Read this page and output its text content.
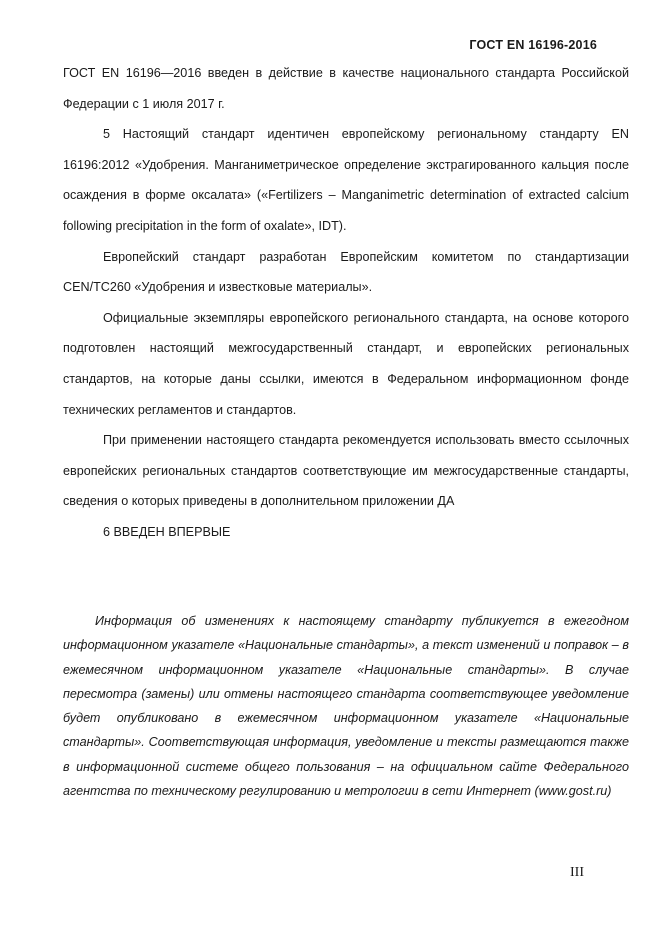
ГОСТ EN 16196-2016

ГОСТ EN 16196—2016 введен в действие в качестве национального стандарта Российской Федерации с 1 июля 2017 г.

5 Настоящий стандарт идентичен европейскому региональному стандарту EN 16196:2012 «Удобрения. Манганиметрическое определение экстрагированного кальция после осаждения в форме оксалата» («Fertilizers – Manganimetric determination of extracted calcium following precipitation in the form of oxalate», IDT).

Европейский стандарт разработан Европейским комитетом по стандартизации CEN/TC260 «Удобрения и известковые материалы».

Официальные экземпляры европейского регионального стандарта, на основе которого подготовлен настоящий межгосударственный стандарт, и европейских региональных стандартов, на которые даны ссылки, имеются в Федеральном информационном фонде технических регламентов и стандартов.

При применении настоящего стандарта рекомендуется использовать вместо ссылочных европейских региональных стандартов соответствующие им межгосударственные стандарты, сведения о которых приведены в дополнительном приложении ДА

6 ВВЕДЕН ВПЕРВЫЕ

Информация об изменениях к настоящему стандарту публикуется в ежегодном информационном указателе «Национальные стандарты», а текст изменений и поправок – в ежемесячном информационном указателе «Национальные стандарты». В случае пересмотра (замены) или отмены настоящего стандарта соответствующее уведомление будет опубликовано в ежемесячном информационном указателе «Национальные стандарты». Соответствующая информация, уведомление и тексты размещаются также в информационной системе общего пользования – на официальном сайте Федерального агентства по техническому регулированию и метрологии в сети Интернет (www.gost.ru)

III
